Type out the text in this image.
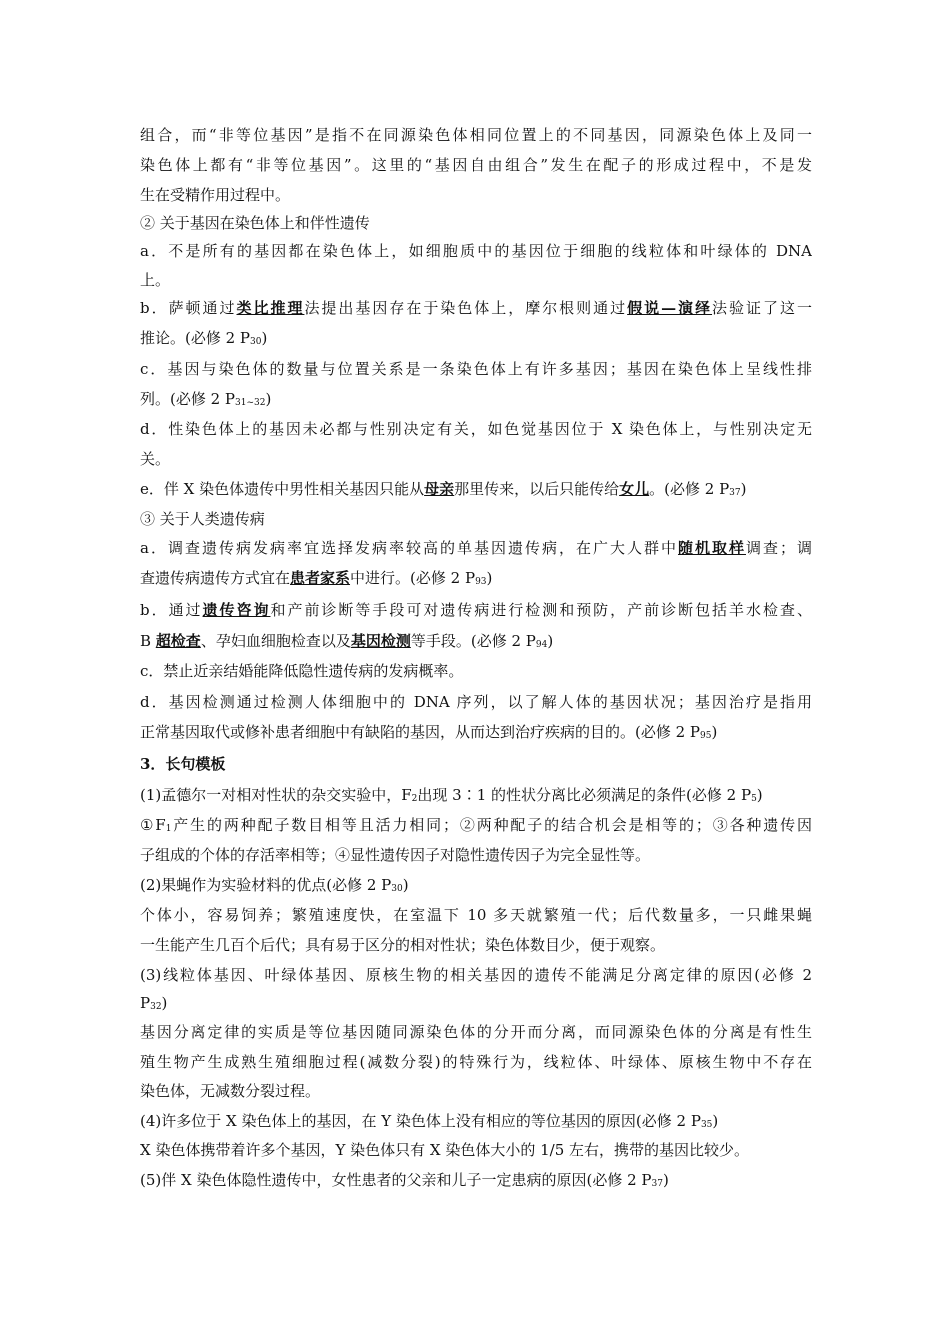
组合，而“非等位基因”是指不在同源染色体相同位置上的不同基因，同源染色体上及同一
染色体上都有“非等位基因”。这里的“基因自由组合”发生在配子的形成过程中，不是发
生在受精作用过程中。
② 关于基因在染色体上和伴性遗传
a．不是所有的基因都在染色体上，如细胞质中的基因位于细胞的线粒体和叶绿体的 DNA
上。
b．萨顿通过类比推理法提出基因存在于染色体上，摩尔根则通过假说—演绎法验证了这一
推论。(必修 2 $P_{30}$)
c．基因与染色体的数量与位置关系是一条染色体上有许多基因；基因在染色体上呈线性排
列。(必修 2 $P_{31\sim 32}$)
d．性染色体上的基因未必都与性别决定有关，如色觉基因位于 X 染色体上，与性别决定无
关。
e．伴 X 染色体遗传中男性相关基因只能从母亲那里传来，以后只能传给女儿。(必修 2 $P_{37}$)
③ 关于人类遗传病
a．调查遗传病发病率宜选择发病率较高的单基因遗传病，在广大人群中随机取样调查；调
查遗传病遗传方式宜在患者家系中进行。(必修 2 $P_{93}$)
b．通过遗传咨询和产前诊断等手段可对遗传病进行检测和预防，产前诊断包括羊水检查、
B 超检查、孕妇血细胞检查以及基因检测等手段。(必修 2 $P_{94}$)
c．禁止近亲结婚能降低隐性遗传病的发病概率。
d．基因检测通过检测人体细胞中的 DNA 序列，以了解人体的基因状况；基因治疗是指用
正常基因取代或修补患者细胞中有缺陷的基因，从而达到治疗疾病的目的。(必修 2 $P_{95}$)
3．长句模板
(1)孟德尔一对相对性状的杂交实验中，$F_2$出现 3∶1 的性状分离比必须满足的条件(必修 2 $P_5$)
$①F_1$产生的两种配子数目相等且活力相同；②两种配子的结合机会是相等的；③各种遗传因
子组成的个体的存活率相等；④显性遗传因子对隐性遗传因子为完全显性等。
(2)果蝇作为实验材料的优点(必修 2 $P_{30}$)
个体小，容易饲养；繁殖速度快，在室温下 10 多天就繁殖一代；后代数量多，一只雌果蝇
一生能产生几百个后代；具有易于区分的相对性状；染色体数目少，便于观察。
(3)线粒体基因、叶绿体基因、原核生物的相关基因的遗传不能满足分离定律的原因(必修 2
$P_{32}$)
基因分离定律的实质是等位基因随同源染色体的分开而分离，而同源染色体的分离是有性生
殖生物产生成熟生殖细胞过程(减数分裂)的特殊行为，线粒体、叶绿体、原核生物中不存在
染色体，无减数分裂过程。
(4)许多位于 X 染色体上的基因，在 Y 染色体上没有相应的等位基因的原因(必修 2 $P_{35}$)
X 染色体携带着许多个基因，Y 染色体只有 X 染色体大小的 1/5 左右，携带的基因比较少。
(5)伴 X 染色体隐性遗传中，女性患者的父亲和儿子一定患病的原因(必修 2 $P_{37}$)
